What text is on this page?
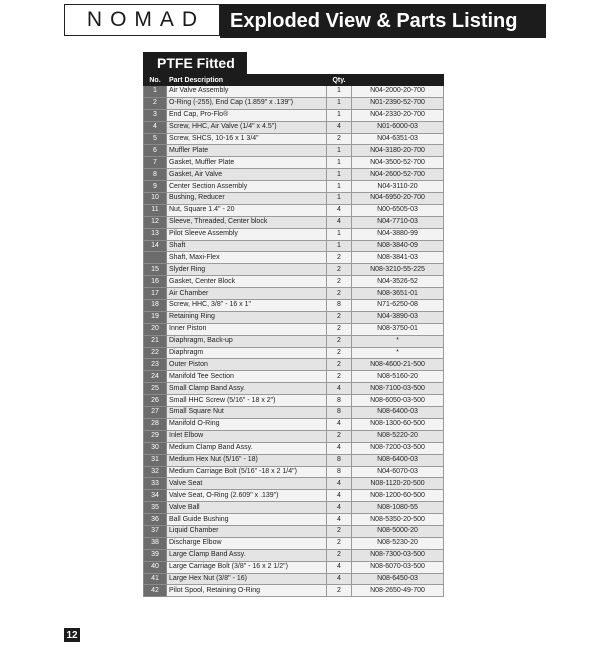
NOMAD	Exploded View & Parts Listing
PTFE Fitted
No.	Part Description	Qty.	
1	Air Valve Assembly	1	N04-2000-20-700
2	O-Ring (-255), End Cap (1.859" x .139")	1	N01-2390-52-700
3	End Cap, Pro-Flo®	1	N04-2330-20-700
4	Screw, HHC, Air Valve (1/4" x 4.5")	4	N01-6000-03
5	Screw, SHCS, 10-16 x 1 3/4"	2	N04-6351-03
6	Muffler Plate	1	N04-3180-20-700
7	Gasket, Muffler Plate	1	N04-3500-52-700
8	Gasket, Air Valve	1	N04-2600-52-700
9	Center Section Assembly	1	N04-3110-20
10	Bushing, Reducer	1	N04-6950-20-700
11	Nut, Square 1.4" - 20	4	N00-6505-03
12	Sleeve, Threaded, Center block	4	N04-7710-03
13	Pilot Sleeve Assembly	1	N04-3880-99
14	Shaft	1	N08-3840-09
	Shaft, Maxi-Flex	2	N08-3841-03
15	Slyder Ring	2	N08-3210-55-225
16	Gasket, Center Block	2	N04-3526-52
17	Air Chamber	2	N08-3651-01
18	Screw, HHC, 3/8" - 16 x 1"	8	N71-6250-08
19	Retaining Ring	2	N04-3890-03
20	Inner Piston	2	N08-3750-01
21	Diaphragm, Back-up	2	*
22	Diaphragm	2	*
23	Outer Piston	2	N08-4600-21-500
24	Manifold Tee Section	2	N08-5160-20
25	Small Clamp Band Assy.	4	N08-7100-03-500
26	Small HHC Screw (5/16" - 18 x 2")	8	N08-6050-03-500
27	Small Square Nut	8	N08-6400-03
28	Manifold O-Ring	4	N08-1300-60-500
29	Inlet Elbow	2	N08-5220-20
30	Medium Clamp Band Assy.	4	N08-7200-03-500
31	Medium Hex Nut (5/16" - 18)	8	N08-6400-03
32	Medium Carriage Bolt (5/16" -18 x 2 1/4")	8	N04-6070-03
33	Valve Seat	4	N08-1120-20-500
34	Valve Seat, O-Ring (2.609" x .139")	4	N08-1200-60-500
35	Valve Ball	4	N08-1080-55
36	Ball Guide Bushing	4	N08-5350-20-500
37	Liquid Chamber	2	N08-5000-20
38	Discharge Elbow	2	N08-5230-20
39	Large Clamp Band Assy.	2	N08-7300-03-500
40	Large Carriage Bolt (3/8" - 16 x 2 1/2")	4	N08-6070-03-500
41	Large Hex Nut (3/8" - 16)	4	N08-6450-03
42	Pilot Spool, Retaining O-Ring	2	N08-2650-49-700
12
